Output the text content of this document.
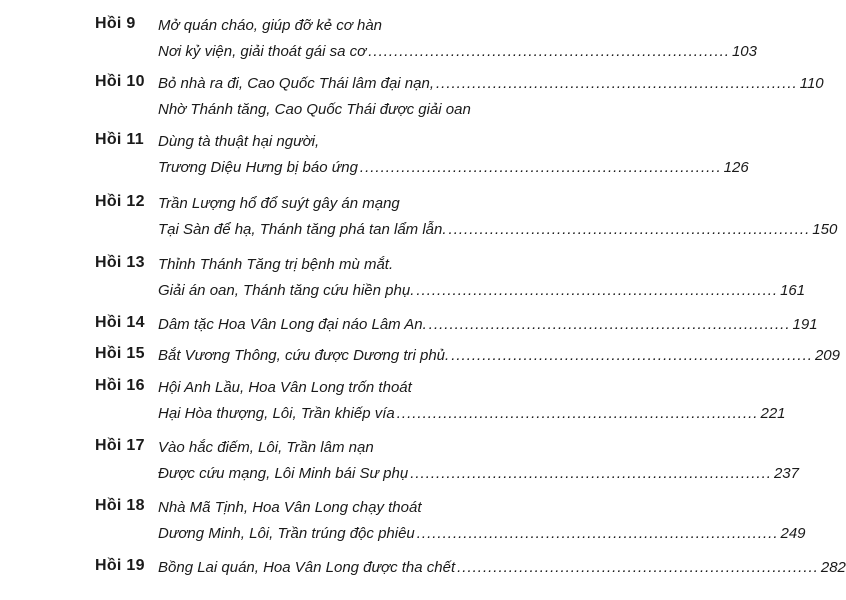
Hồi 9 Mở quán cháo, giúp đỡ kẻ cơ hàn
Nơi kỷ viện, giải thoát gái sa cơ ...................................................................... 103
Hồi 10 Bỏ nhà ra đi, Cao Quốc Thái lâm đại nạn, ...................................................................... 110
Nhờ Thánh tăng, Cao Quốc Thái được giải oan
Hồi 11 Dùng tà thuật hại người,
Trương Diệu Hưng bị báo ứng ...................................................................... 126
Hồi 12 Trần Lượng hổ đổ suýt gây án mạng
Tại Sàn để hạ, Thánh tăng phá tan lẩm lẫn. ...................................................................... 150
Hồi 13 Thỉnh Thánh Tăng trị bệnh mù mắt.
Giải án oan, Thánh tăng cứu hiền phụ. ...................................................................... 161
Hồi 14 Dâm tặc Hoa Vân Long đại náo Lâm An. ...................................................................... 191
Hồi 15 Bắt Vương Thông, cứu được Dương tri phủ. ...................................................................... 209
Hồi 16 Hội Anh Lầu, Hoa Vân Long trốn thoát
Hại Hòa thượng, Lôi, Trần khiếp vía ...................................................................... 221
Hồi 17 Vào hắc điếm, Lôi, Trần lâm nạn
Được cứu mạng, Lôi Minh bái Sư phụ ...................................................................... 237
Hồi 18 Nhà Mã Tịnh, Hoa Vân Long chạy thoát
Dương Minh, Lôi, Trần trúng độc phiêu ...................................................................... 249
Hồi 19 Bồng Lai quán, Hoa Vân Long được tha chết ...................................................................... 282
